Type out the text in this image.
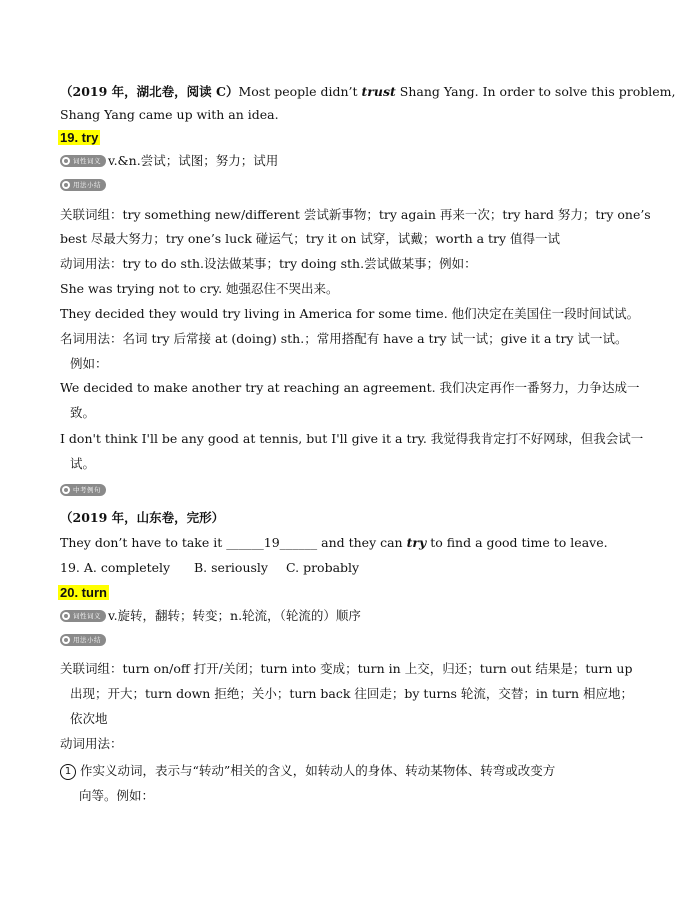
（2019 年，湖北卷，阅读 C）Most people didn’t trust Shang Yang. In order to solve this problem,
Shang Yang came up with an idea.
19. try
词性词义 v.&n.尝试；试图；努力；试用
用法小结
关联词组：try something new/different 尝试新事物；try again 再来一次；try hard 努力；try one’s
best 尽最大努力；try one’s luck 碰运气；try it on 试穿，试戴；worth a try 值得一试
动词用法：try to do sth.设法做某事；try doing sth.尝试做某事；例如：
She was trying not to cry. 她强忍住不哭出来。
They decided they would try living in America for some time. 他们决定在美国住一段时间试试。
名词用法：名词 try 后常接 at (doing) sth.；常用搭配有 have a try 试一试；give it a try 试一试。
例如：
We decided to make another try at reaching an agreement. 我们决定再作一番努力，力争达成一
致。
I don't think I'll be any good at tennis, but I'll give it a try. 我觉得我肯定打不好网球，但我会试一
试。
中考例句
（2019 年，山东卷，完形）
They don’t have to take it ______19______ and they can try to find a good time to leave.
19. A. completely B. seriously C. probably
20. turn
词性词义 v.旋转，翻转；转变；n.轮流，（轮流的）顺序
用法小结
关联词组：turn on/off 打开/关闭；turn into 变成；turn in 上交，归还；turn out 结果是；turn up
出现；开大；turn down 拒绝；关小；turn back 往回走；by turns 轮流，交替；in turn 相应地；
依次地
动词用法：
1 作实义动词，表示与“转动”相关的含义，如转动人的身体、转动某物体、转弯或改变方
向等。例如：
